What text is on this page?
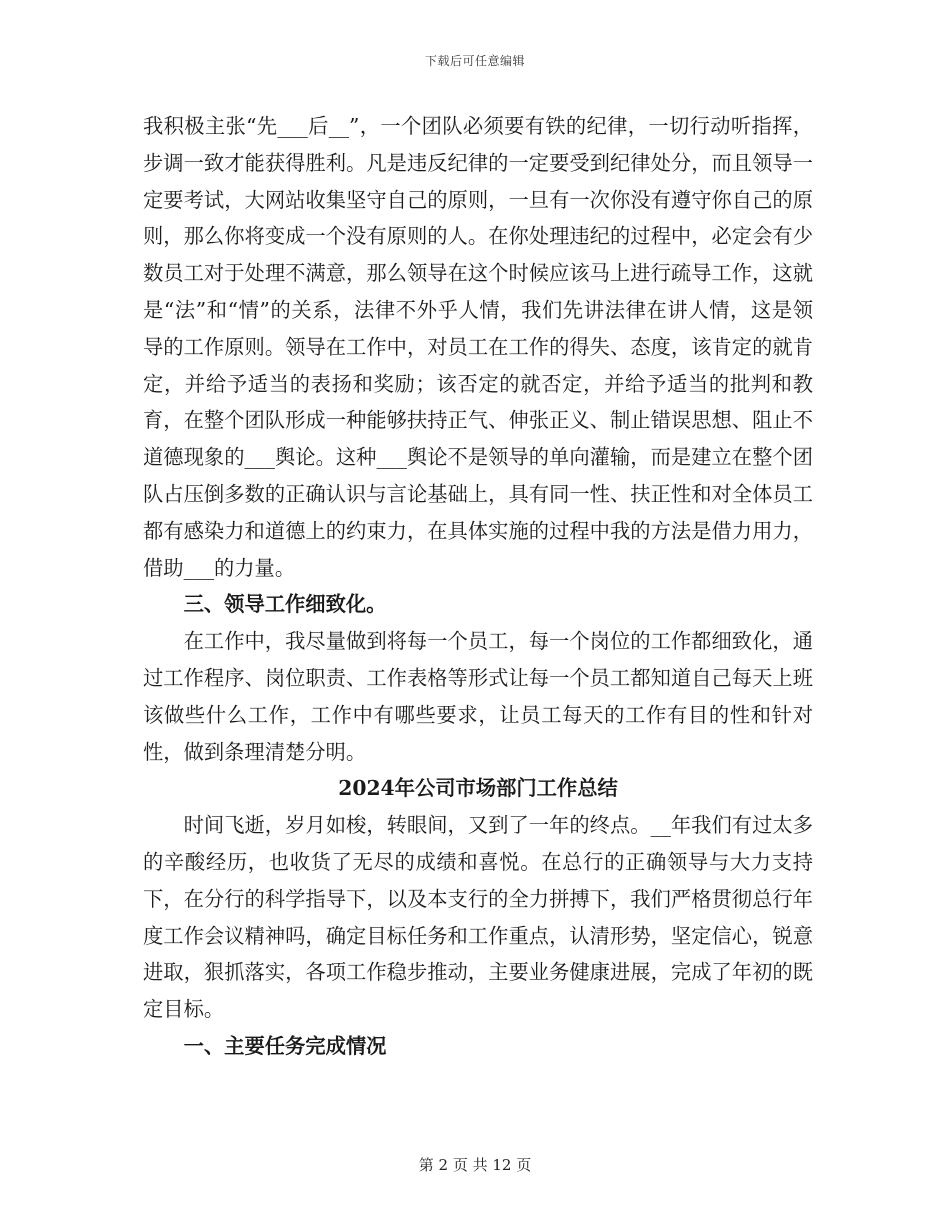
下载后可任意编辑

我积极主张“先___后__”，一个团队必须要有铁的纪律，一切行动听指挥，步调一致才能获得胜利。凡是违反纪律的一定要受到纪律处分，而且领导一定要考试，大网站收集坚守自己的原则，一旦有一次你没有遵守你自己的原则，那么你将变成一个没有原则的人。在你处理违纪的过程中，必定会有少数员工对于处理不满意，那么领导在这个时候应该马上进行疏导工作，这就是“法”和“情”的关系，法律不外乎人情，我们先讲法律在讲人情，这是领导的工作原则。领导在工作中，对员工在工作的得失、态度，该肯定的就肯定，并给予适当的表扬和奖励；该否定的就否定，并给予适当的批判和教育，在整个团队形成一种能够扶持正气、伸张正义、制止错误思想、阻止不道德现象的___舆论。这种___舆论不是领导的单向灌输，而是建立在整个团队占压倒多数的正确认识与言论基础上，具有同一性、扶正性和对全体员工都有感染力和道德上的约束力，在具体实施的过程中我的方法是借力用力，借助___的力量。

三、领导工作细致化。

在工作中，我尽量做到将每一个员工，每一个岗位的工作都细致化，通过工作程序、岗位职责、工作表格等形式让每一个员工都知道自己每天上班该做些什么工作，工作中有哪些要求，让员工每天的工作有目的性和针对性，做到条理清楚分明。

2024年公司市场部门工作总结

时间飞逝，岁月如梭，转眼间，又到了一年的终点。__年我们有过太多的辛酸经历，也收货了无尽的成绩和喜悦。在总行的正确领导与大力支持下，在分行的科学指导下，以及本支行的全力拼搏下，我们严格贯彻总行年度工作会议精神吗，确定目标任务和工作重点，认清形势，坚定信心，锐意进取，狠抓落实，各项工作稳步推动，主要业务健康进展，完成了年初的既定目标。

一、主要任务完成情况
第 2 页 共 12 页
